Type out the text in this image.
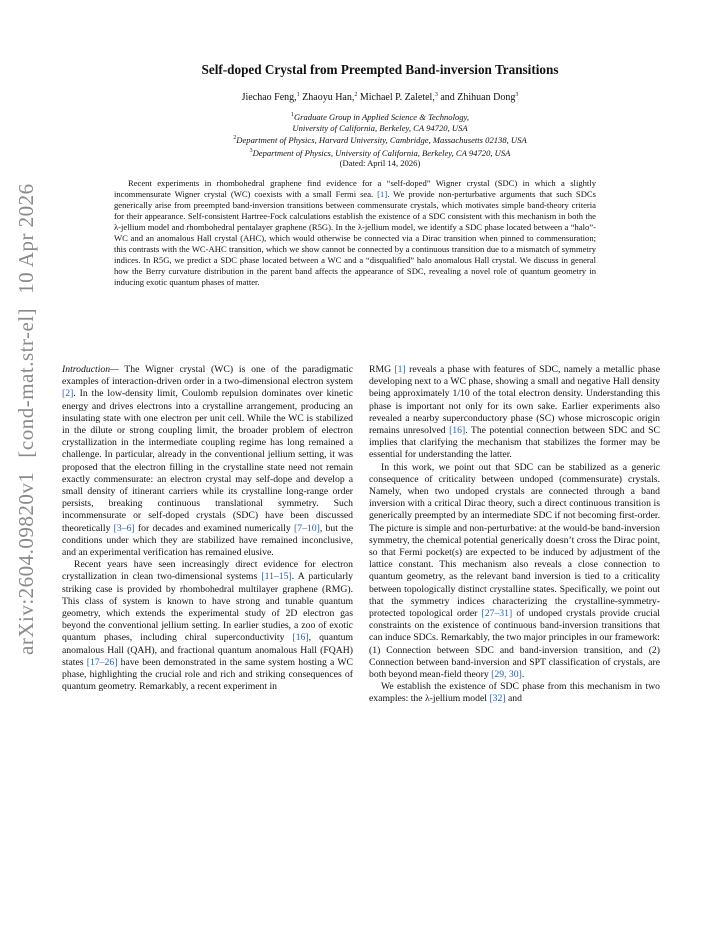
arXiv:2604.09820v1[cond-mat.str-el]10 Apr 2026
Self-doped Crystal from Preempted Band-inversion Transitions
Jiechao Feng,$^1$ Zhaoyu Han,$^2$ Michael P. Zaletel,$^3$ and Zhihuan Dong$^3$
$^1$Graduate Group in Applied Science & Technology,
University of California, Berkeley, CA 94720, USA
$^2$Department of Physics, Harvard University, Cambridge, Massachusetts 02138, USA
$^3$Department of Physics, University of California, Berkeley, CA 94720, USA
(Dated: April 14, 2026)

Recent experiments in rhombohedral graphene find evidence for a “self-doped” Wigner crystal (SDC) in which a slightly incommensurate Wigner crystal (WC) coexists with a small Fermi sea. [1]. We provide non-perturbative arguments that such SDCs generically arise from preempted band-inversion transitions between commensurate crystals, which motivates simple band-theory criteria for their appearance. Self-consistent Hartree-Fock calculations establish the existence of a SDC consistent with this mechanism in both the λ-jellium model and rhombohedral pentalayer graphene (R5G). In the λ-jellium model, we identify a SDC phase located between a “halo”-WC and an anomalous Hall crystal (AHC), which would otherwise be connected via a Dirac transition when pinned to commensuration; this contrasts with the WC-AHC transition, which we show cannot be connected by a continuous transition due to a mismatch of symmetry indices. In R5G, we predict a SDC phase located between a WC and a “disqualified” halo anomalous Hall crystal. We discuss in general how the Berry curvature distribution in the parent band affects the appearance of SDC, revealing a novel role of quantum geometry in inducing exotic quantum phases of matter.

Introduction— The Wigner crystal (WC) is one of the paradigmatic examples of interaction-driven order in a two-dimensional electron system [2]. In the low-density limit, Coulomb repulsion dominates over kinetic energy and drives electrons into a crystalline arrangement, producing an insulating state with one electron per unit cell. While the WC is stabilized in the dilute or strong coupling limit, the broader problem of electron crystallization in the intermediate coupling regime has long remained a challenge. In particular, already in the conventional jellium setting, it was proposed that the electron filling in the crystalline state need not remain exactly commensurate: an electron crystal may self-dope and develop a small density of itinerant carriers while its crystalline long-range order persists, breaking continuous translational symmetry. Such incommensurate or self-doped crystals (SDC) have been discussed theoretically [3–6] for decades and examined numerically [7–10], but the conditions under which they are stabilized have remained inconclusive, and an experimental verification has remained elusive.

Recent years have seen increasingly direct evidence for electron crystallization in clean two-dimensional systems [11–15]. A particularly striking case is provided by rhombohedral multilayer graphene (RMG). This class of system is known to have strong and tunable quantum geometry, which extends the experimental study of 2D electron gas beyond the conventional jellium setting. In earlier studies, a zoo of exotic quantum phases, including chiral superconductivity [16], quantum anomalous Hall (QAH), and fractional quantum anomalous Hall (FQAH) states [17–26] have been demonstrated in the same system hosting a WC phase, highlighting the crucial role and rich and striking consequences of quantum geometry. Remarkably, a recent experiment in

RMG [1] reveals a phase with features of SDC, namely a metallic phase developing next to a WC phase, showing a small and negative Hall density being approximately 1/10 of the total electron density. Understanding this phase is important not only for its own sake. Earlier experiments also revealed a nearby superconductory phase (SC) whose microscopic origin remains unresolved [16]. The potential connection between SDC and SC implies that clarifying the mechanism that stabilizes the former may be essential for understanding the latter.

In this work, we point out that SDC can be stabilized as a generic consequence of criticality between undoped (commensurate) crystals. Namely, when two undoped crystals are connected through a band inversion with a critical Dirac theory, such a direct continuous transition is generically preempted by an intermediate SDC if not becoming first-order. The picture is simple and non-perturbative: at the would-be band-inversion symmetry, the chemical potential generically doesn’t cross the Dirac point, so that Fermi pocket(s) are expected to be induced by adjustment of the lattice constant. This mechanism also reveals a close connection to quantum geometry, as the relevant band inversion is tied to a criticality between topologically distinct crystalline states. Specifically, we point out that the symmetry indices characterizing the crystalline-symmetry-protected topological order [27–31] of undoped crystals provide crucial constraints on the existence of continuous band-inversion transitions that can induce SDCs. Remarkably, the two major principles in our framework: (1) Connection between SDC and band-inversion transition, and (2) Connection between band-inversion and SPT classification of crystals, are both beyond mean-field theory [29, 30].

We establish the existence of SDC phase from this mechanism in two examples: the λ-jellium model [32] and
